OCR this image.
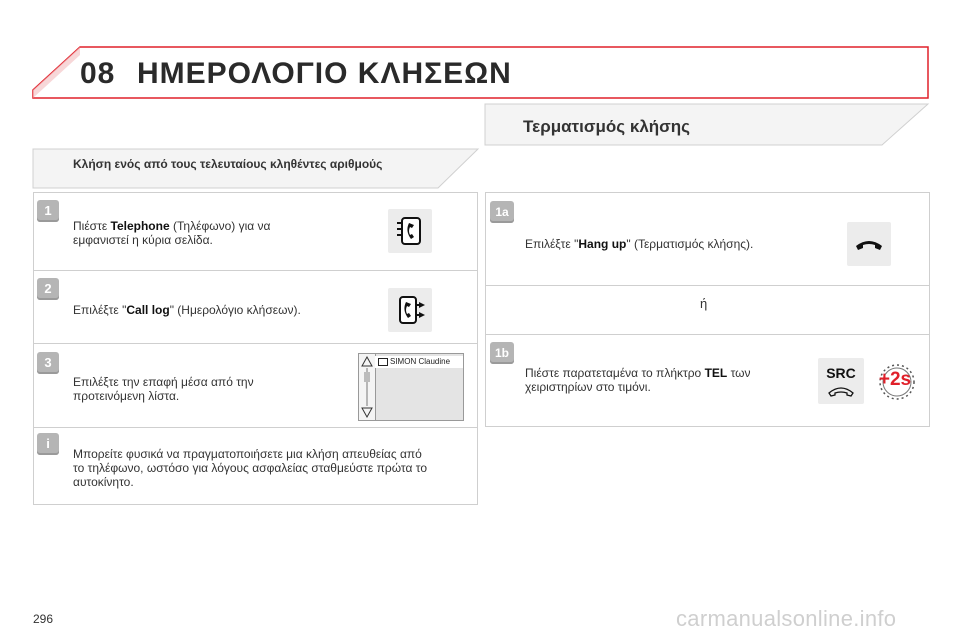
08 ΗΜΕΡΟΛΟΓΙΟ ΚΛΗΣΕΩΝ
Τερματισμός κλήσης
Κλήση ενός από τους τελευταίους κληθέντες αριθμούς
1
Πιέστε Telephone (Τηλέφωνο) για να
εμφανιστεί η κύρια σελίδα.
2
Επιλέξτε "Call log" (Ημερολόγιο κλήσεων).
3
Επιλέξτε την επαφή μέσα από την
προτεινόμενη λίστα.
SIMON Claudine
i
Μπορείτε φυσικά να πραγματοποιήσετε μια κλήση απευθείας από
το τηλέφωνο, ωστόσο για λόγους ασφαλείας σταθμεύστε πρώτα το
αυτοκίνητο.
1a
Επιλέξτε "Hang up" (Τερματισμός κλήσης).
ή
1b
Πιέστε παρατεταμένα το πλήκτρο TEL των
χειριστηρίων στο τιμόνι.
SRC	+2s
296	carmanualsonline.info
